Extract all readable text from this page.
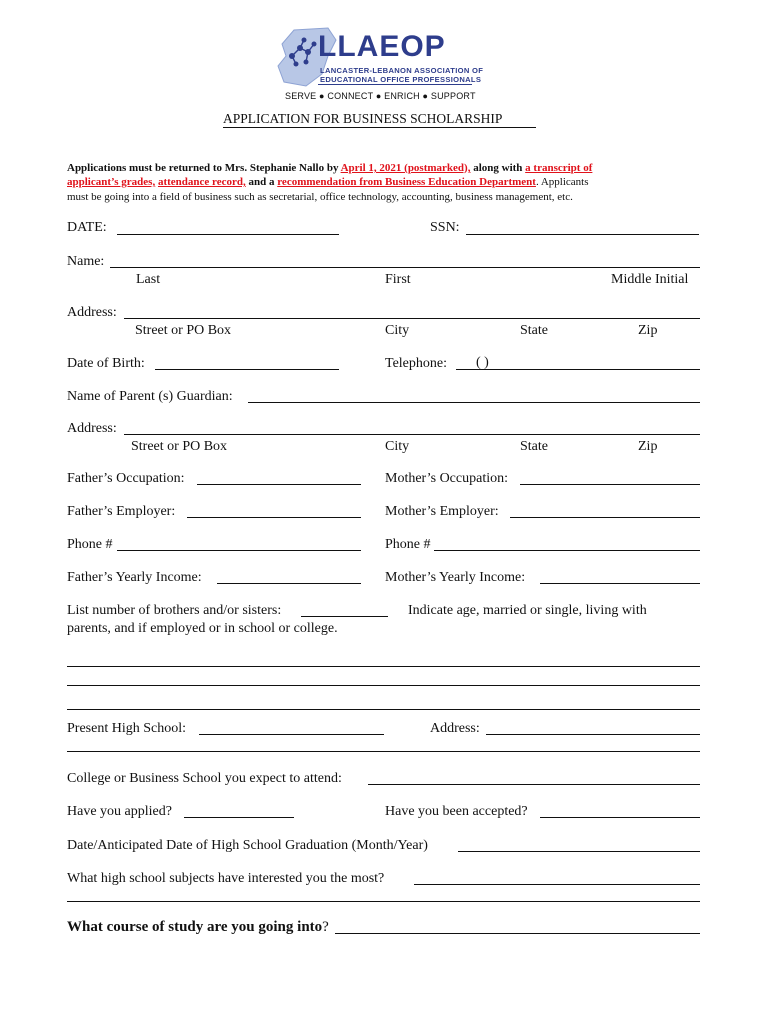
LLAEOP
LANCASTER-LEBANON ASSOCIATION OF
EDUCATIONAL OFFICE PROFESSIONALS
SERVE ● CONNECT ● ENRICH ● SUPPORT
APPLICATION FOR BUSINESS SCHOLARSHIP
Applications must be returned to Mrs. Stephanie Nallo by April 1, 2021 (postmarked), along with a transcript of
applicant’s grades, attendance record, and a recommendation from Business Education Department. Applicants
must be going into a field of business such as secretarial, office technology, accounting, business management, etc.
DATE:	SSN:
Name:
Last	First	Middle Initial
Address:
Street or PO Box	City	State	Zip
Date of Birth:	Telephone: ( )
Name of Parent (s) Guardian:
Address:
Street or PO Box	City	State	Zip
Father’s Occupation:	Mother’s Occupation:
Father’s Employer:	Mother’s Employer:
Phone #	Phone #
Father’s Yearly Income:	Mother’s Yearly Income:
List number of brothers and/or sisters:	Indicate age, married or single, living with
parents, and if employed or in school or college.
Present High School:	Address:
College or Business School you expect to attend:
Have you applied?	Have you been accepted?
Date/Anticipated Date of High School Graduation (Month/Year)
What high school subjects have interested you the most?
What course of study are you going into?
